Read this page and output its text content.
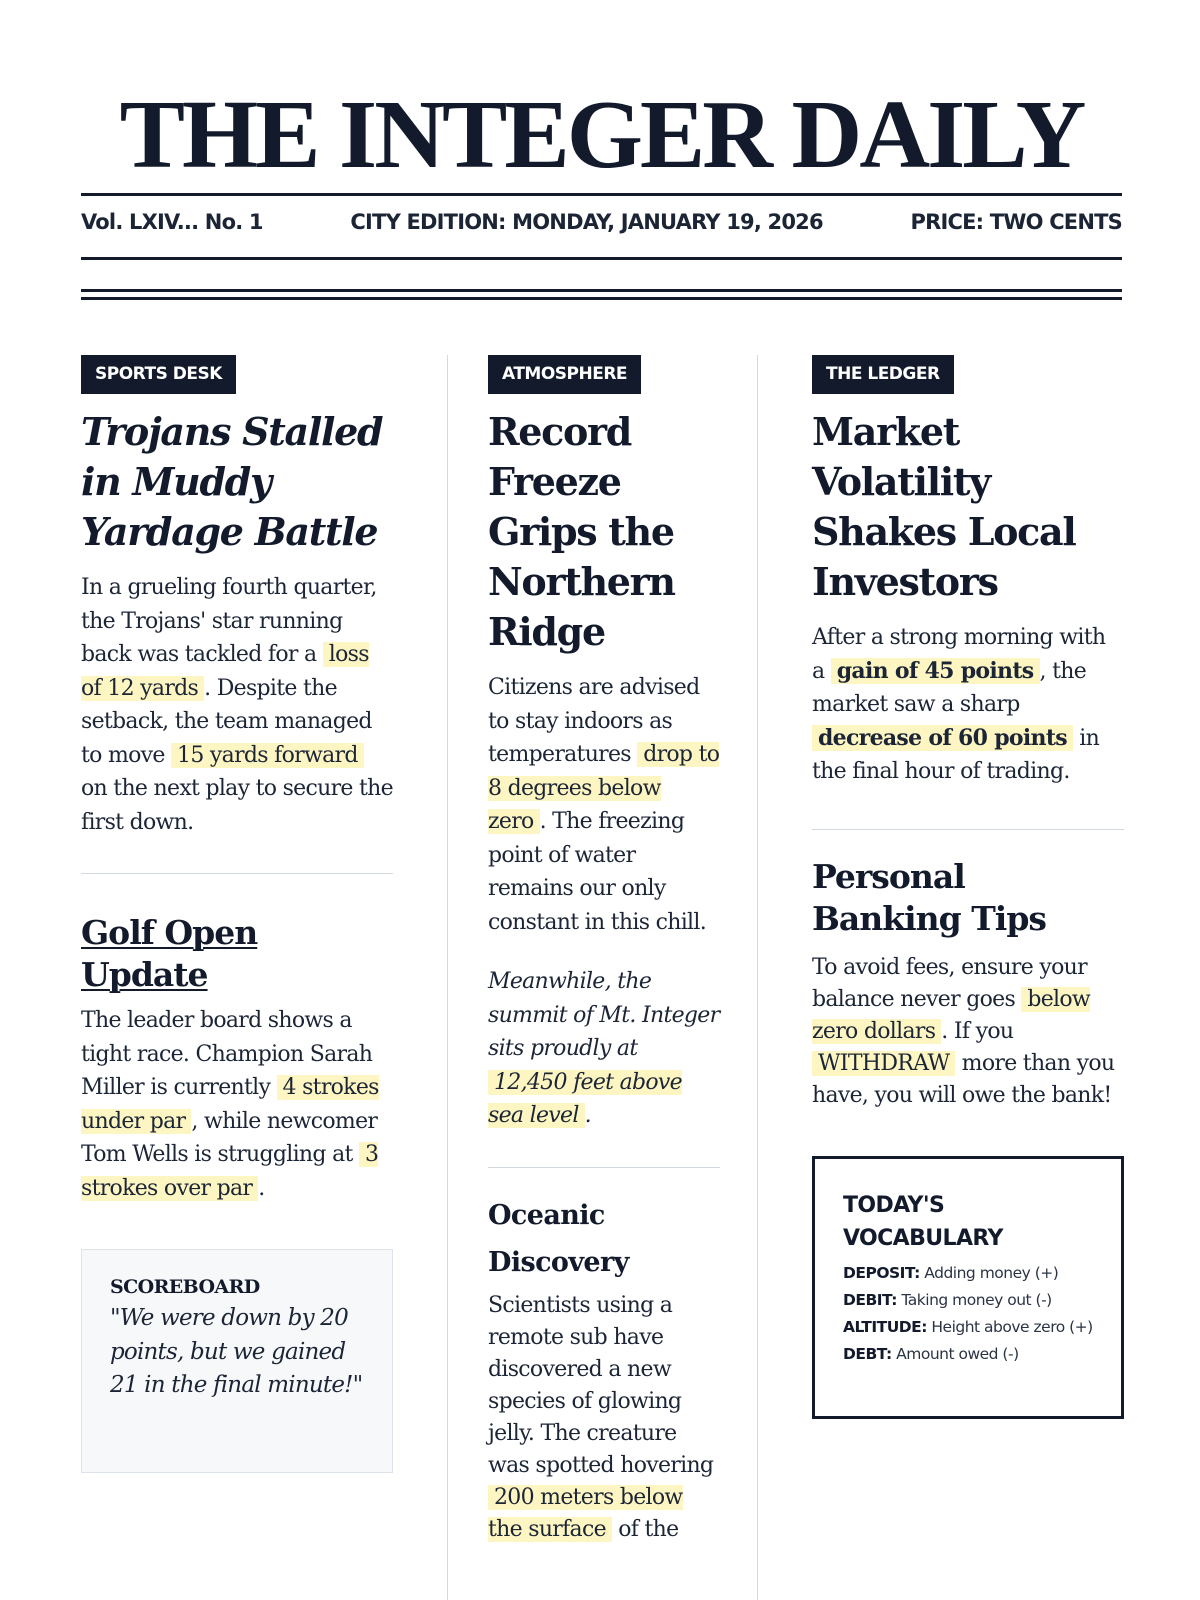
THE INTEGER DAILY
Vol. LXIV... No. 1	CITY EDITION: MONDAY, JANUARY 19, 2026	PRICE: TWO CENTS
SPORTS DESK
Trojans Stalled in Muddy Yardage Battle

In a grueling fourth quarter, the Trojans' star running back was tackled for a loss of 12 yards . Despite the setback, the team managed to move 15 yards forward on the next play to secure the first down.

Golf Open Update

The leader board shows a tight race. Champion Sarah Miller is currently 4 strokes under par , while newcomer Tom Wells is struggling at 3 strokes over par .

SCOREBOARD
"We were down by 20 points, but we gained 21 in the final minute!"
ATMOSPHERE
Record Freeze Grips the Northern Ridge

Citizens are advised to stay indoors as temperatures drop to 8 degrees below zero . The freezing point of water remains our only constant in this chill.

Meanwhile, the summit of Mt. Integer sits proudly at 12,450 feet above sea level .

Oceanic Discovery

Scientists using a remote sub have discovered a new species of glowing jelly. The creature was spotted hovering 200 meters below the surface of the

THE LEDGER
Market Volatility Shakes Local Investors

After a strong morning with a gain of 45 points , the market saw a sharp decrease of 60 points in the final hour of trading.

Personal Banking Tips

To avoid fees, ensure your balance never goes below zero dollars . If you WITHDRAW more than you have, you will owe the bank!

TODAY'S VOCABULARY
DEPOSIT: Adding money (+)
DEBIT: Taking money out (-)
ALTITUDE: Height above zero (+)
DEBT: Amount owed (-)
